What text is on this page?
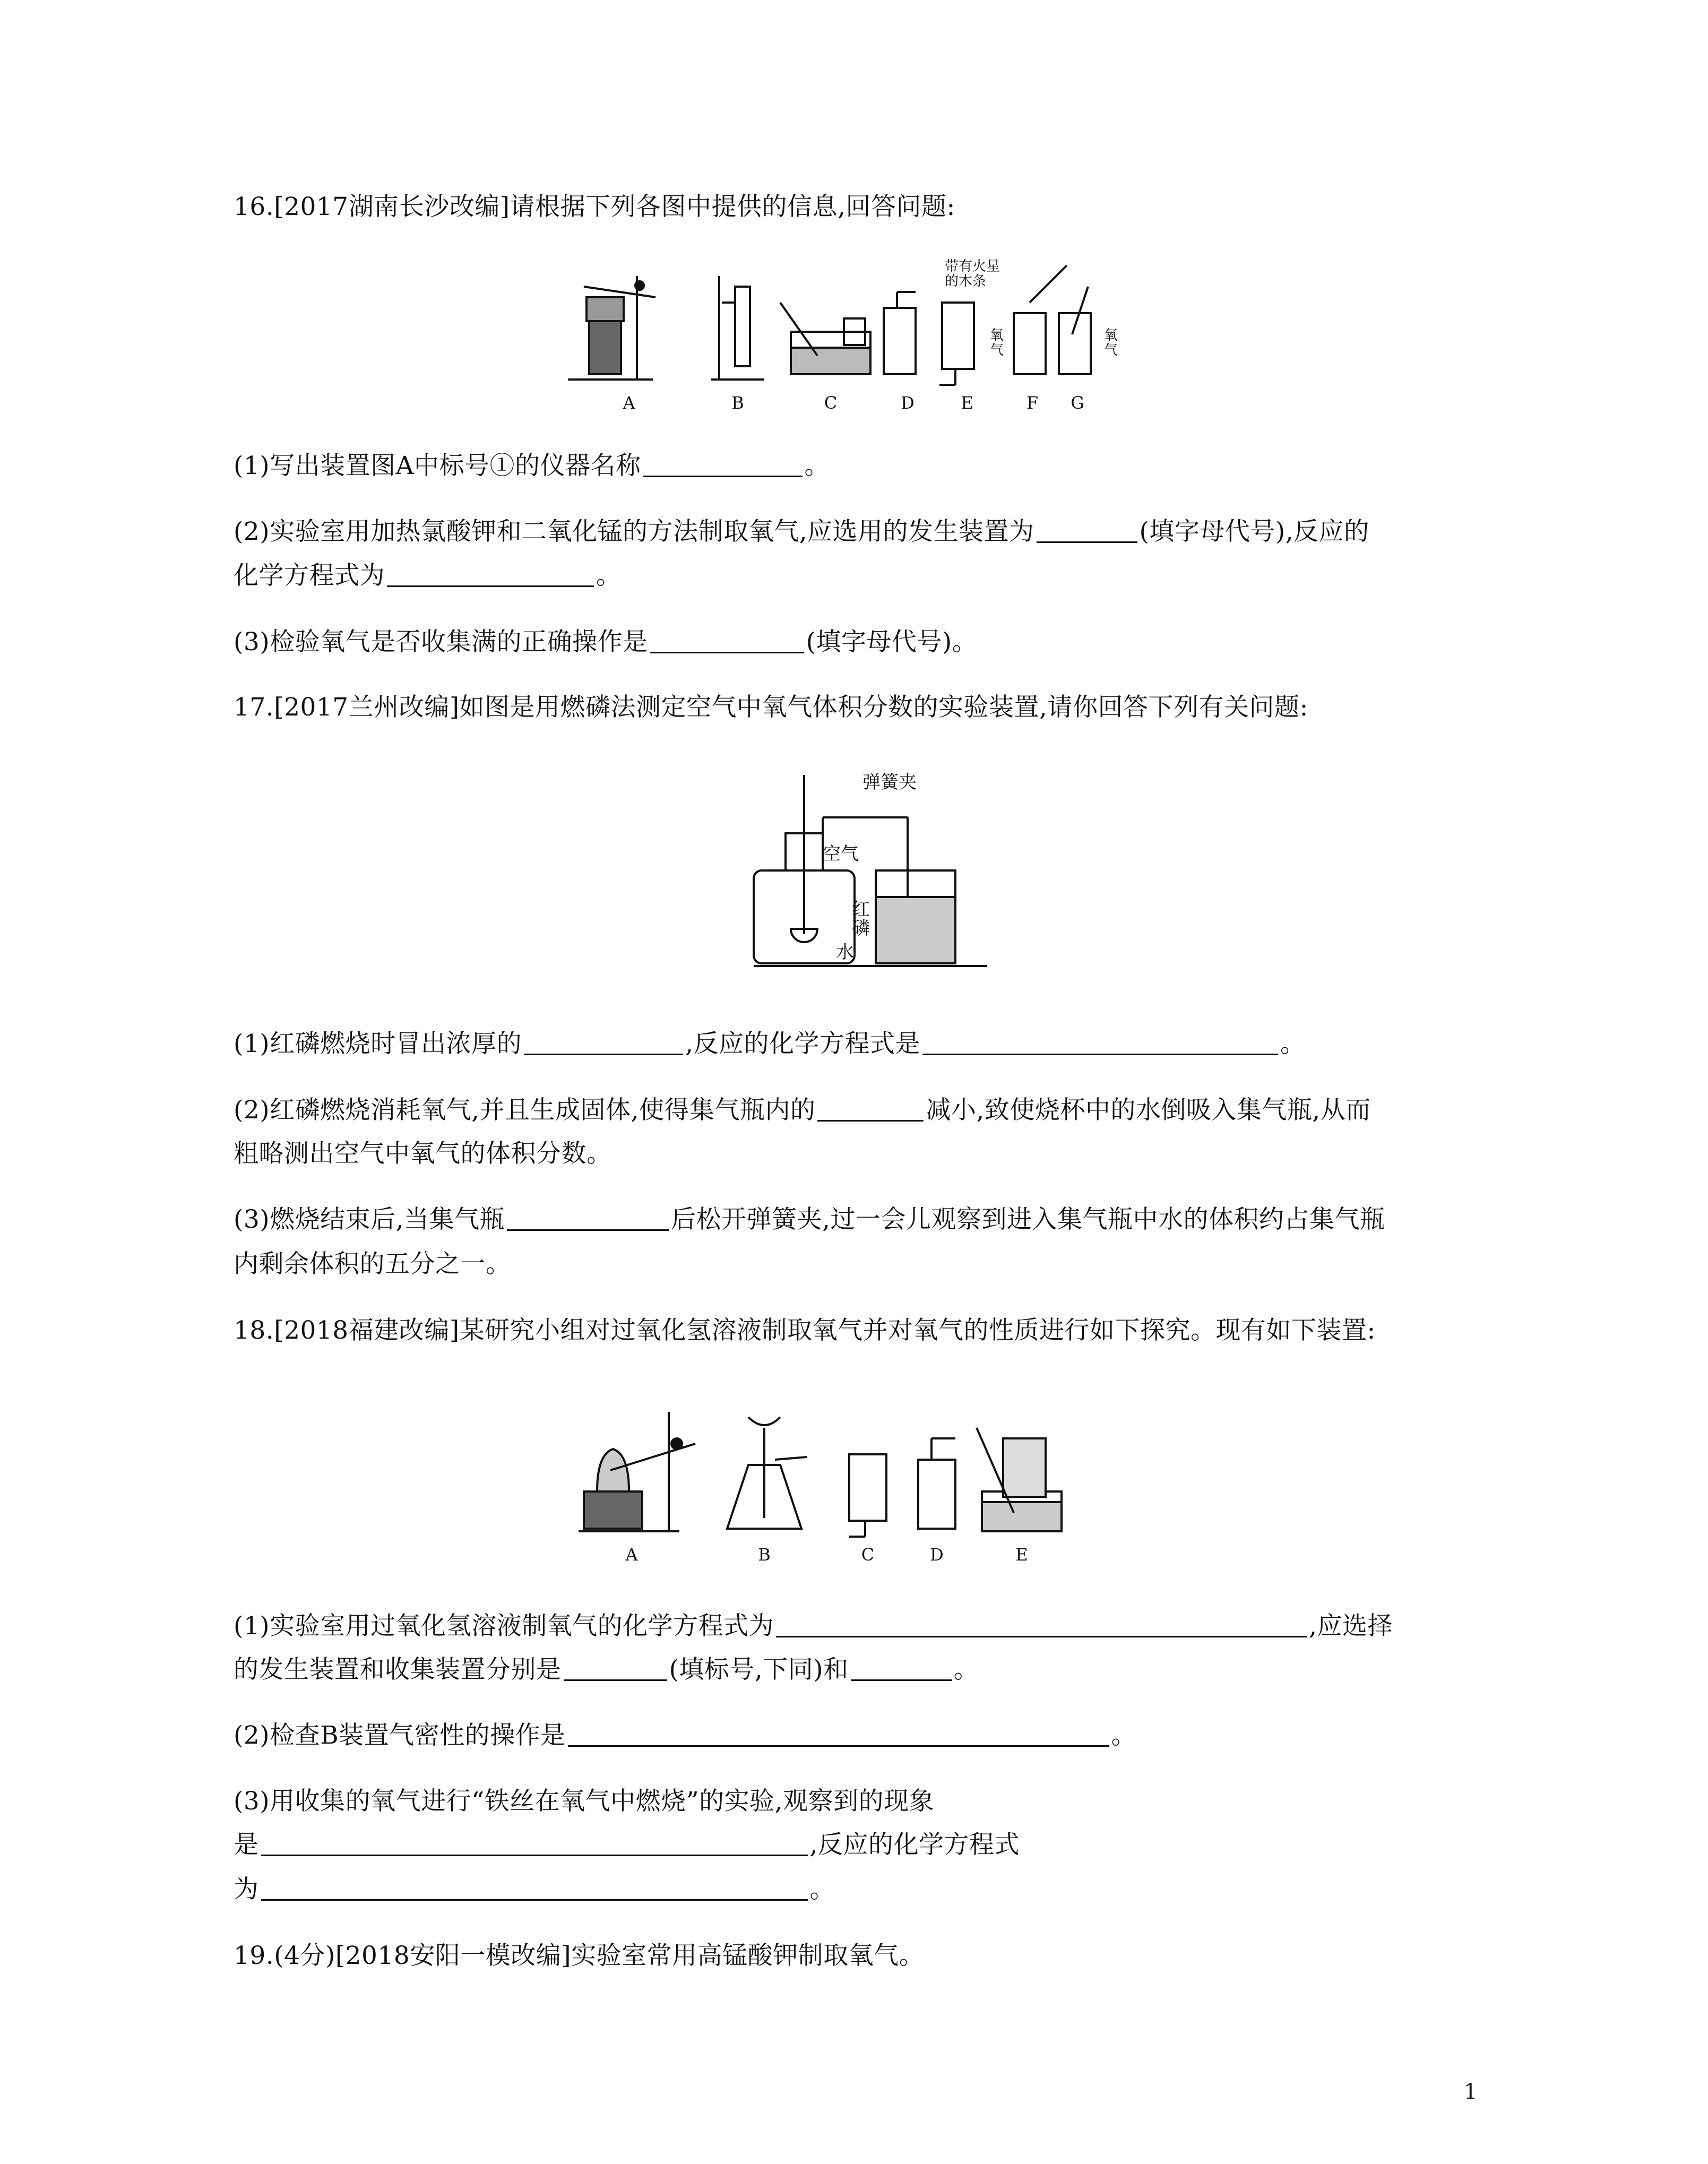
16.[2017湖南长沙改编]请根据下列各图中提供的信息,回答问题:
带有火星
的木条
氧
气
氧
气
A	B	C	D	E	F G
(1)写出装置图A中标号①的仪器名称	。
(2)实验室用加热氯酸钾和二氧化锰的方法制取氧气,应选用的发生装置为	(填字母代号),反应的
化学方程式为	。
(3)检验氧气是否收集满的正确操作是	(填字母代号)。
17.[2017兰州改编]如图是用燃磷法测定空气中氧气体积分数的实验装置,请你回答下列有关问题:
弹簧夹
空气
红
磷
水
(1)红磷燃烧时冒出浓厚的	,反应的化学方程式是	。
(2)红磷燃烧消耗氧气,并且生成固体,使得集气瓶内的	减小,致使烧杯中的水倒吸入集气瓶,从而
粗略测出空气中氧气的体积分数。
(3)燃烧结束后,当集气瓶	后松开弹簧夹,过一会儿观察到进入集气瓶中水的体积约占集气瓶
内剩余体积的五分之一。
18.[2018福建改编]某研究小组对过氧化氢溶液制取氧气并对氧气的性质进行如下探究。现有如下装置:
A	B	C	D	E
(1)实验室用过氧化氢溶液制氧气的化学方程式为	,应选择
的发生装置和收集装置分别是	(填标号,下同)和	。
(2)检查B装置气密性的操作是	。
(3)用收集的氧气进行“铁丝在氧气中燃烧”的实验,观察到的现象
是	,反应的化学方程式
为	。
19.(4分)[2018安阳一模改编]实验室常用高锰酸钾制取氧气。
1
